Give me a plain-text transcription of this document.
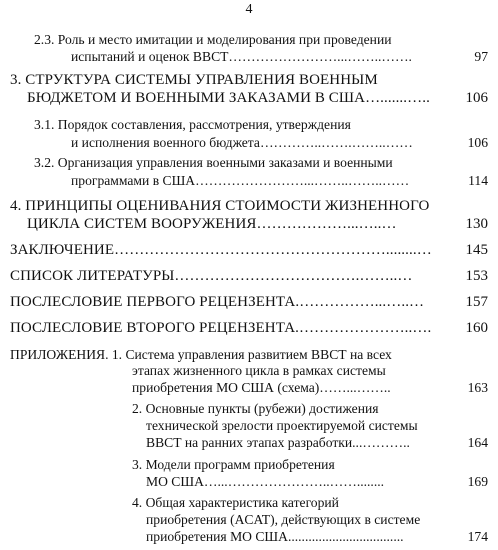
4
2.3. Роль и место имитации и моделирования при проведении
испытаний и оценок ВВСТ……………………...……..…….	97
3. СТРУКТУРА СИСТЕМЫ УПРАВЛЕНИЯ ВОЕННЫМ
БЮДЖЕТОМ И ВОЕННЫМИ ЗАКАЗАМИ В США….......….. 106
3.1. Порядок составления, рассмотрения, утверждения
и исполнения военного бюджета…………..…….……..……	106
3.2. Организация управления военными заказами и военными
программами в США……………………...……..……..……	114
4. ПРИНЦИПЫ ОЦЕНИВАНИЯ СТОИМОСТИ ЖИЗНЕННОГО
ЦИКЛА СИСТЕМ ВООРУЖЕНИЯ………………...…..…	130
ЗАКЛЮЧЕНИЕ………………………………………………........… 145
СПИСОК ЛИТЕРАТУРЫ……………………………….……..…	153
ПОСЛЕСЛОВИЕ ПЕРВОГО РЕЦЕНЗЕНТА.……………...…..…	157
ПОСЛЕСЛОВИЕ ВТОРОГО РЕЦЕНЗЕНТА.…………………..…. 160
ПРИЛОЖЕНИЯ. 1. Система управления развитием ВВСТ на всех
этапах жизненного цикла в рамках системы
приобретения МО США (схема)……...……..	163
2. Основные пункты (рубежи) достижения
технической зрелости проектируемой системы
ВВСТ на ранних этапах разработки...………..	164
3. Модели программ приобретения
МО США…...…………………..……........	169
4. Общая характеристика категорий
приобретения (ACAT), действующих в системе
приобретения МО США..................................	174
